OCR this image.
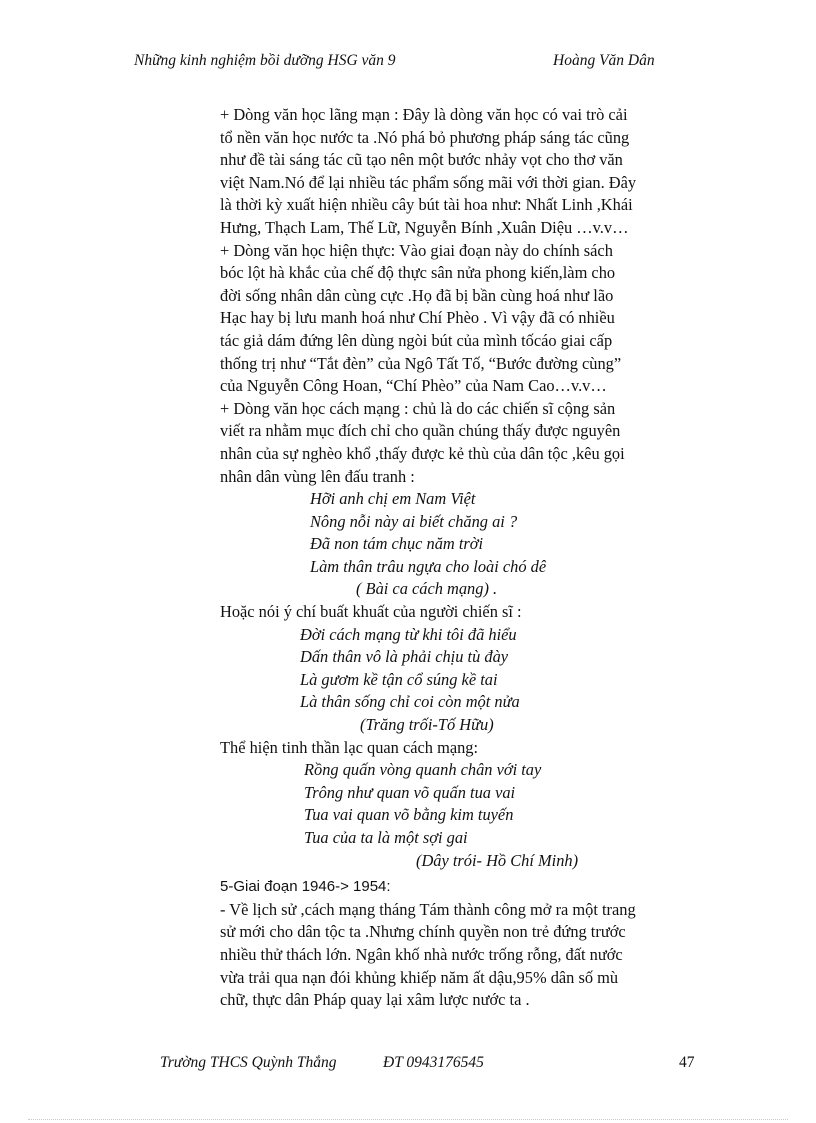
Những kinh nghiệm bồi dưỡng HSG văn 9	Hoàng Văn Dân

+ Dòng văn học lãng mạn : Đây là dòng văn học có vai trò cải

tổ nền văn học nước ta .Nó phá bỏ phương pháp sáng tác cũng

như đề tài sáng tác cũ tạo nên một bước nhảy vọt cho thơ văn

việt Nam.Nó để lại nhiều tác phẩm sống mãi với thời gian. Đây

là thời kỳ xuất hiện nhiều cây bút tài hoa như: Nhất Linh ,Khái

Hưng, Thạch Lam, Thế Lữ, Nguyễn Bính ,Xuân Diệu …v.v…

+ Dòng văn học hiện thực: Vào giai đoạn này do chính sách

bóc lột hà khắc của chế độ thực sân nửa phong kiến,làm cho

đời sống nhân dân cùng cực .Họ đã bị bần cùng hoá như lão

Hạc hay bị lưu manh hoá như Chí Phèo . Vì vậy đã có nhiều

tác giả dám đứng lên dùng ngòi bút của mình tốcáo giai cấp

thống trị như “Tắt đèn” của Ngô Tất Tố, “Bước đường cùng”

của Nguyễn Công Hoan, “Chí Phèo” của Nam Cao…v.v…

+ Dòng văn học cách mạng : chủ là do các chiến sĩ cộng sản

viết ra nhằm mục đích chỉ cho quần chúng thấy được nguyên

nhân của sự nghèo khổ ,thấy được kẻ thù của dân tộc ,kêu gọi

nhân dân vùng lên đấu tranh :

Hỡi anh chị em Nam Việt

Nông nỗi này ai biết chăng ai ?

Đã non tám chục năm trời

Làm thân trâu ngựa cho loài chó dê

( Bài ca cách mạng) .

Hoặc nói ý chí buất khuất của người chiến sĩ :

Đời cách mạng từ khi tôi đã hiểu

Dấn thân vô là phải chịu tù đày

Là gươm kề tận cổ súng kề tai

Là thân sống chỉ coi còn một nửa

(Trăng trối-Tố Hữu)

Thể hiện tinh thần lạc quan cách mạng:

Rồng quấn vòng quanh chân với tay

Trông như quan võ quấn tua vai

Tua vai quan võ bằng kim tuyến

Tua của ta là một sợi gai

(Dây trói- Hồ Chí Minh)

5-Giai đoạn 1946-> 1954:

- Về lịch sử ,cách mạng tháng Tám thành công mở ra một trang

sử mới cho dân tộc ta .Nhưng chính quyền non trẻ đứng trước

nhiều thử thách lớn. Ngân khố nhà nước trống rỗng, đất nước

vừa trải qua nạn đói khủng khiếp năm ất dậu,95% dân số mù

chữ, thực dân Pháp quay lại xâm lược nước ta .

Trường THCS Quỳnh Thắng	ĐT 0943176545	47
